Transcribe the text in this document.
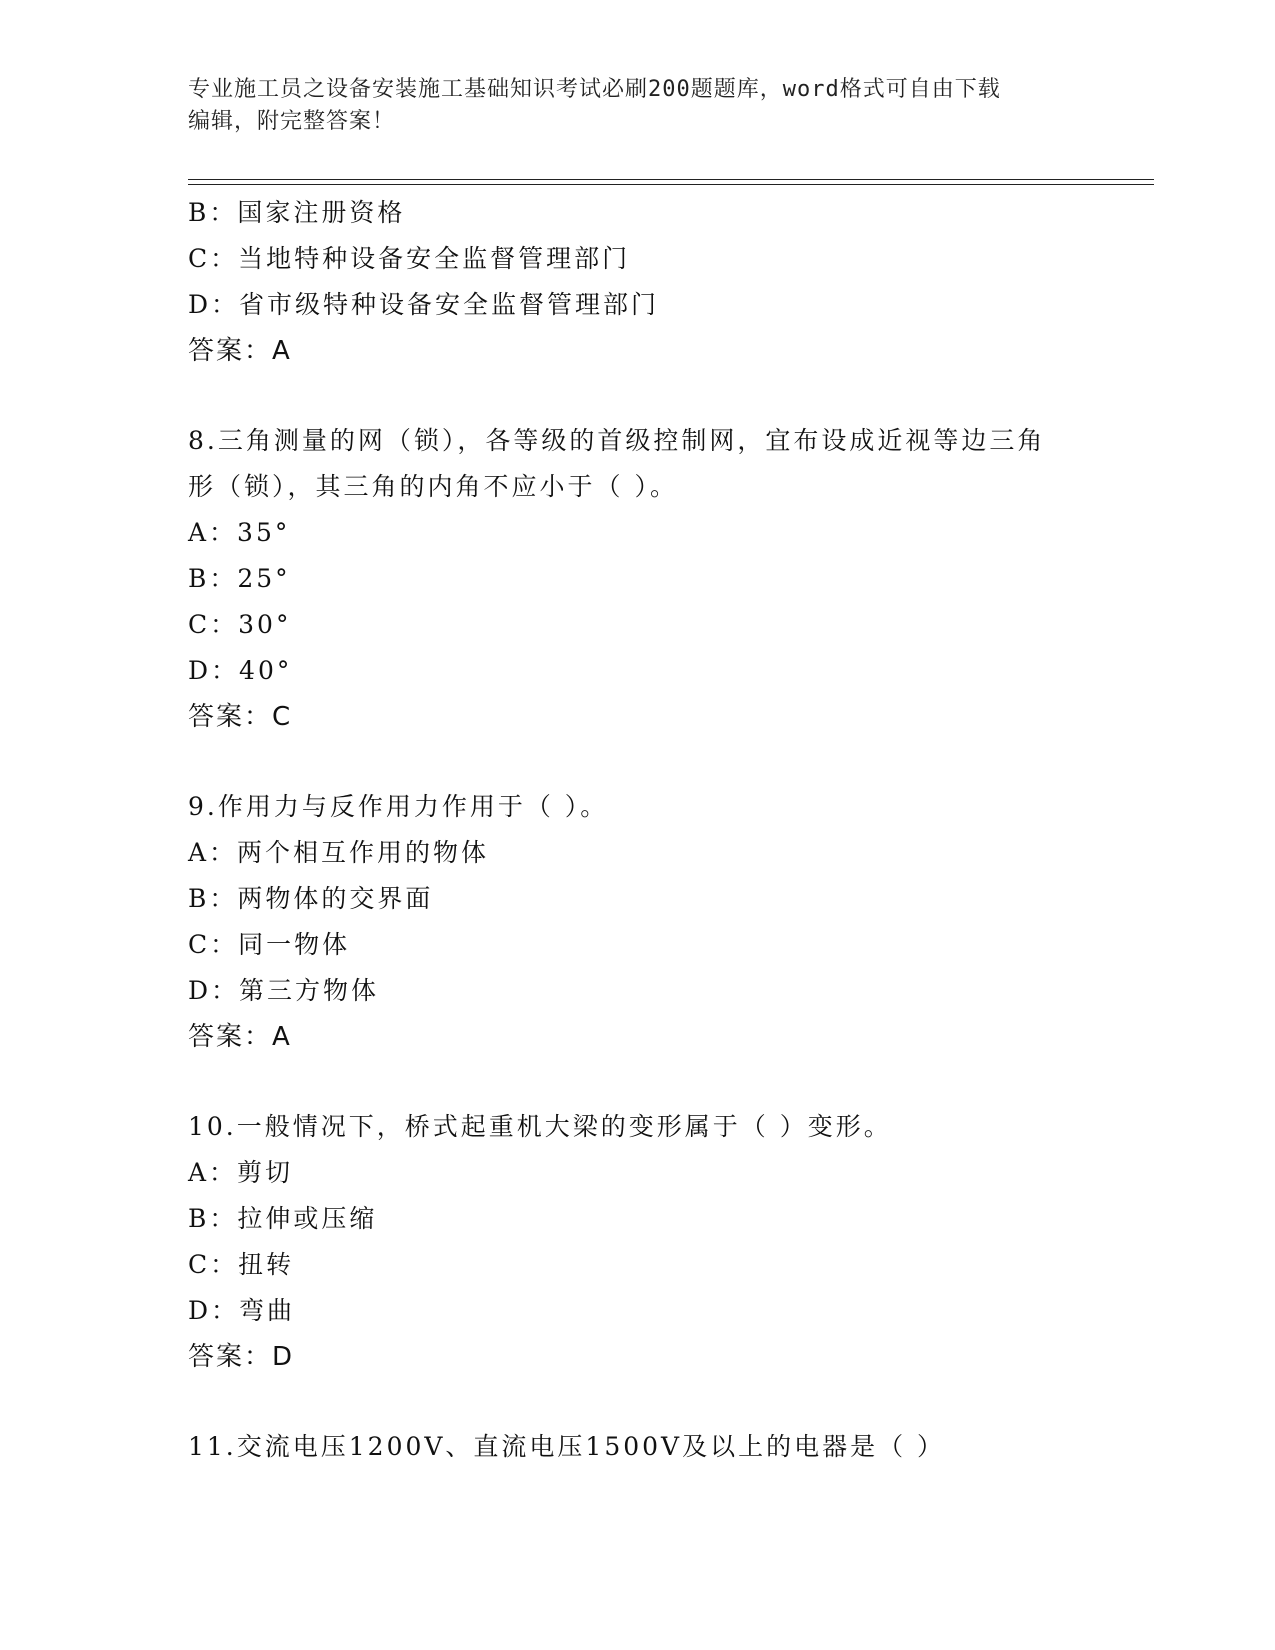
专业施工员之设备安装施工基础知识考试必刷200题题库，word格式可自由下载
编辑，附完整答案！
B：国家注册资格
C：当地特种设备安全监督管理部门
D：省市级特种设备安全监督管理部门
答案：A
8.三角测量的网（锁），各等级的首级控制网，宜布设成近视等边三角形（锁），其三角的内角不应小于（ ）。
A：35°
B：25°
C：30°
D：40°
答案：C
9.作用力与反作用力作用于（ ）。
A：两个相互作用的物体
B：两物体的交界面
C：同一物体
D：第三方物体
答案：A
10.一般情况下，桥式起重机大梁的变形属于（ ）变形。
A：剪切
B：拉伸或压缩
C：扭转
D：弯曲
答案：D
11.交流电压1200V、直流电压1500V及以上的电器是（ ）
